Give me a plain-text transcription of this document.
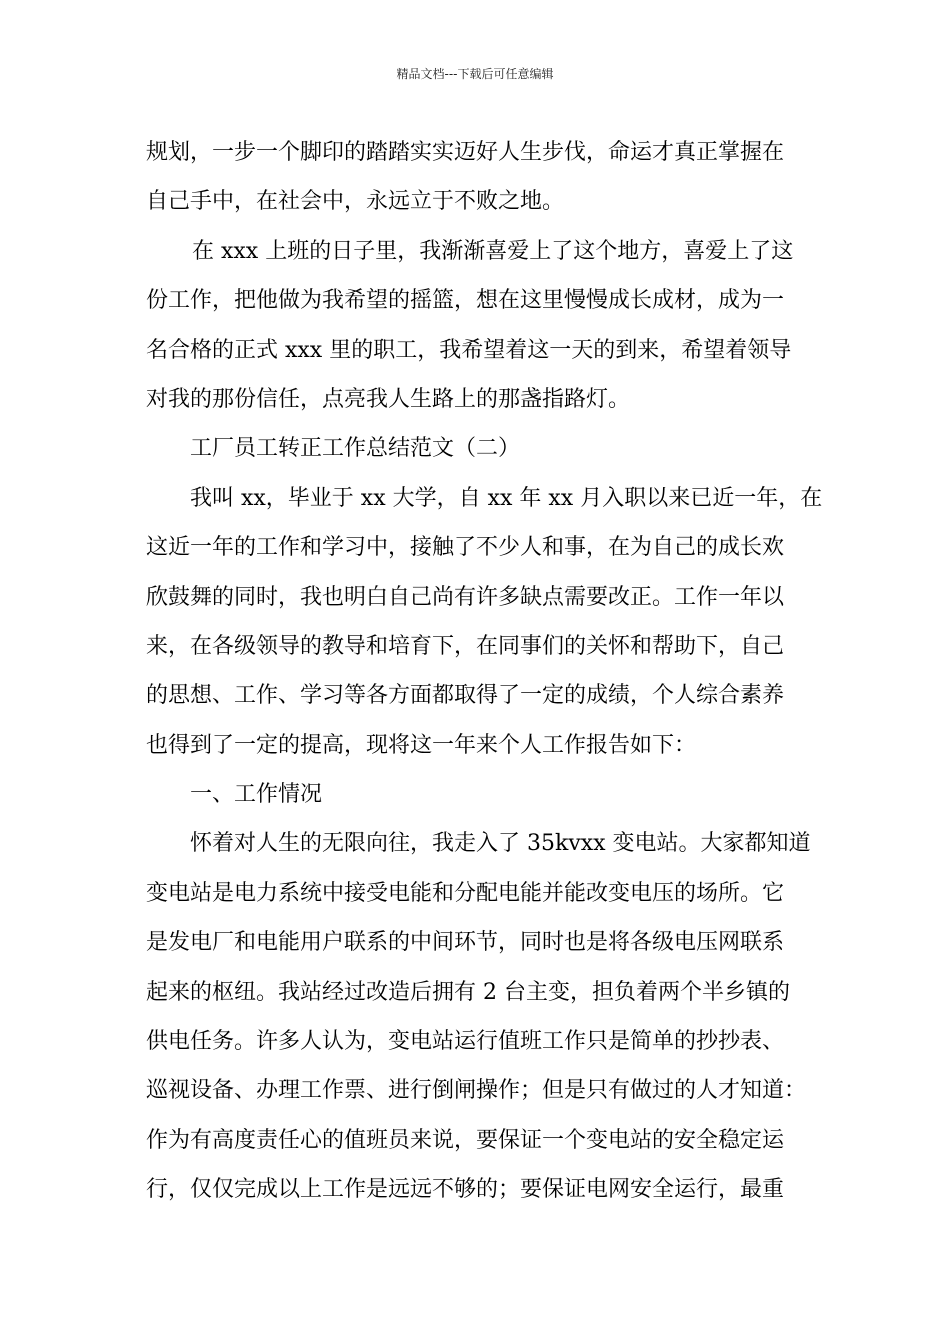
精品文档---下载后可任意编辑
规划，一步一个脚印的踏踏实实迈好人生步伐，命运才真正掌握在
自己手中，在社会中，永远立于不败之地。
在 xxx 上班的日子里，我渐渐喜爱上了这个地方，喜爱上了这
份工作，把他做为我希望的摇篮，想在这里慢慢成长成材，成为一
名合格的正式 xxx 里的职工，我希望着这一天的到来，希望着领导
对我的那份信任，点亮我人生路上的那盏指路灯。
工厂员工转正工作总结范文（二）
我叫 xx，毕业于 xx 大学，自 xx 年 xx 月入职以来已近一年，在
这近一年的工作和学习中，接触了不少人和事，在为自己的成长欢
欣鼓舞的同时，我也明白自己尚有许多缺点需要改正。工作一年以
来，在各级领导的教导和培育下，在同事们的关怀和帮助下，自己
的思想、工作、学习等各方面都取得了一定的成绩，个人综合素养
也得到了一定的提高，现将这一年来个人工作报告如下：
一、工作情况
怀着对人生的无限向往，我走入了 35kvxx 变电站。大家都知道
变电站是电力系统中接受电能和分配电能并能改变电压的场所。它
是发电厂和电能用户联系的中间环节，同时也是将各级电压网联系
起来的枢纽。我站经过改造后拥有 2 台主变，担负着两个半乡镇的
供电任务。许多人认为，变电站运行值班工作只是简单的抄抄表、
巡视设备、办理工作票、进行倒闸操作；但是只有做过的人才知道：
作为有高度责任心的值班员来说，要保证一个变电站的安全稳定运
行，仅仅完成以上工作是远远不够的；要保证电网安全运行，最重
